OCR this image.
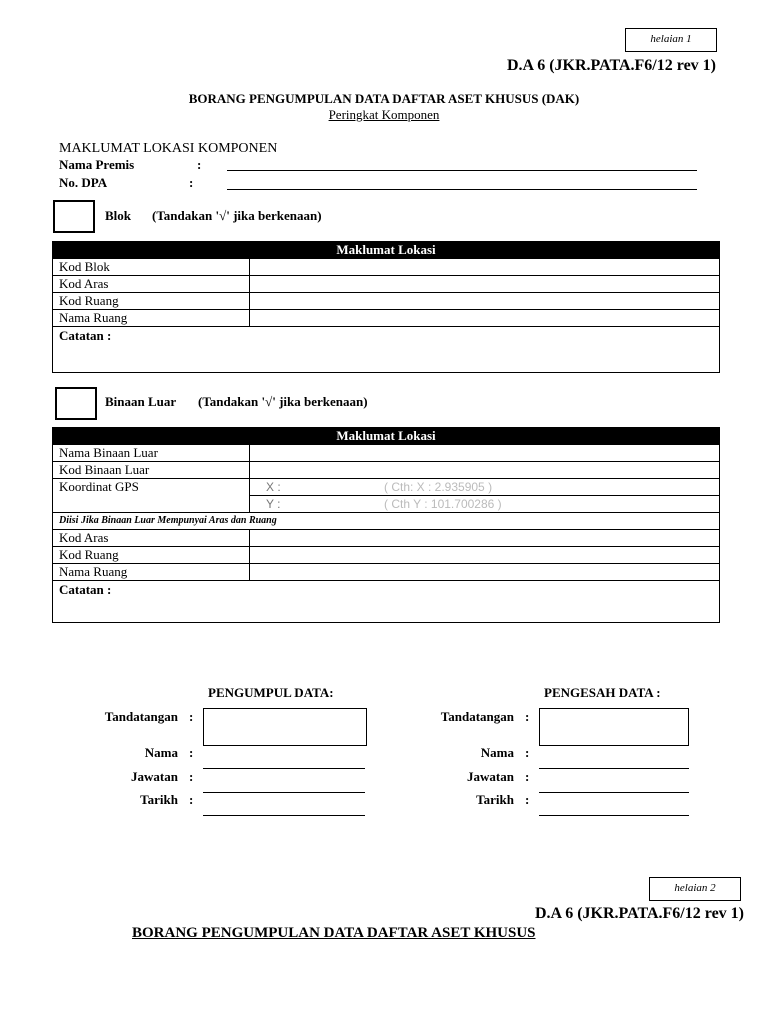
helaian 1
D.A 6 (JKR.PATA.F6/12 rev 1)
BORANG PENGUMPULAN DATA DAFTAR ASET KHUSUS (DAK)
Peringkat Komponen
MAKLUMAT LOKASI KOMPONEN
Nama Premis	:
No. DPA	:
Blok (Tandakan '√' jika berkenaan)
Maklumat Lokasi	
Kod Blok	
Kod Aras	
Kod Ruang	
Nama Ruang	
Catatan :	
Binaan Luar (Tandakan '√' jika berkenaan)
Maklumat Lokasi	
Nama Binaan Luar	
Kod Binaan Luar	
Koordinat GPS	X : ( Cth: X : 2.935905 )
	Y : ( Cth Y : 101.700286 )
Diisi Jika Binaan Luar Mempunyai Aras dan Ruang	
Kod Aras	
Kod Ruang	
Nama Ruang	
Catatan :	
PENGUMPUL DATA:
Tandatangan :
Nama :
Jawatan :
Tarikh :
PENGESAH DATA :
Tandatangan :
Nama :
Jawatan :
Tarikh :
helaian 2
D.A 6 (JKR.PATA.F6/12 rev 1)
BORANG PENGUMPULAN DATA DAFTAR ASET KHUSUS
